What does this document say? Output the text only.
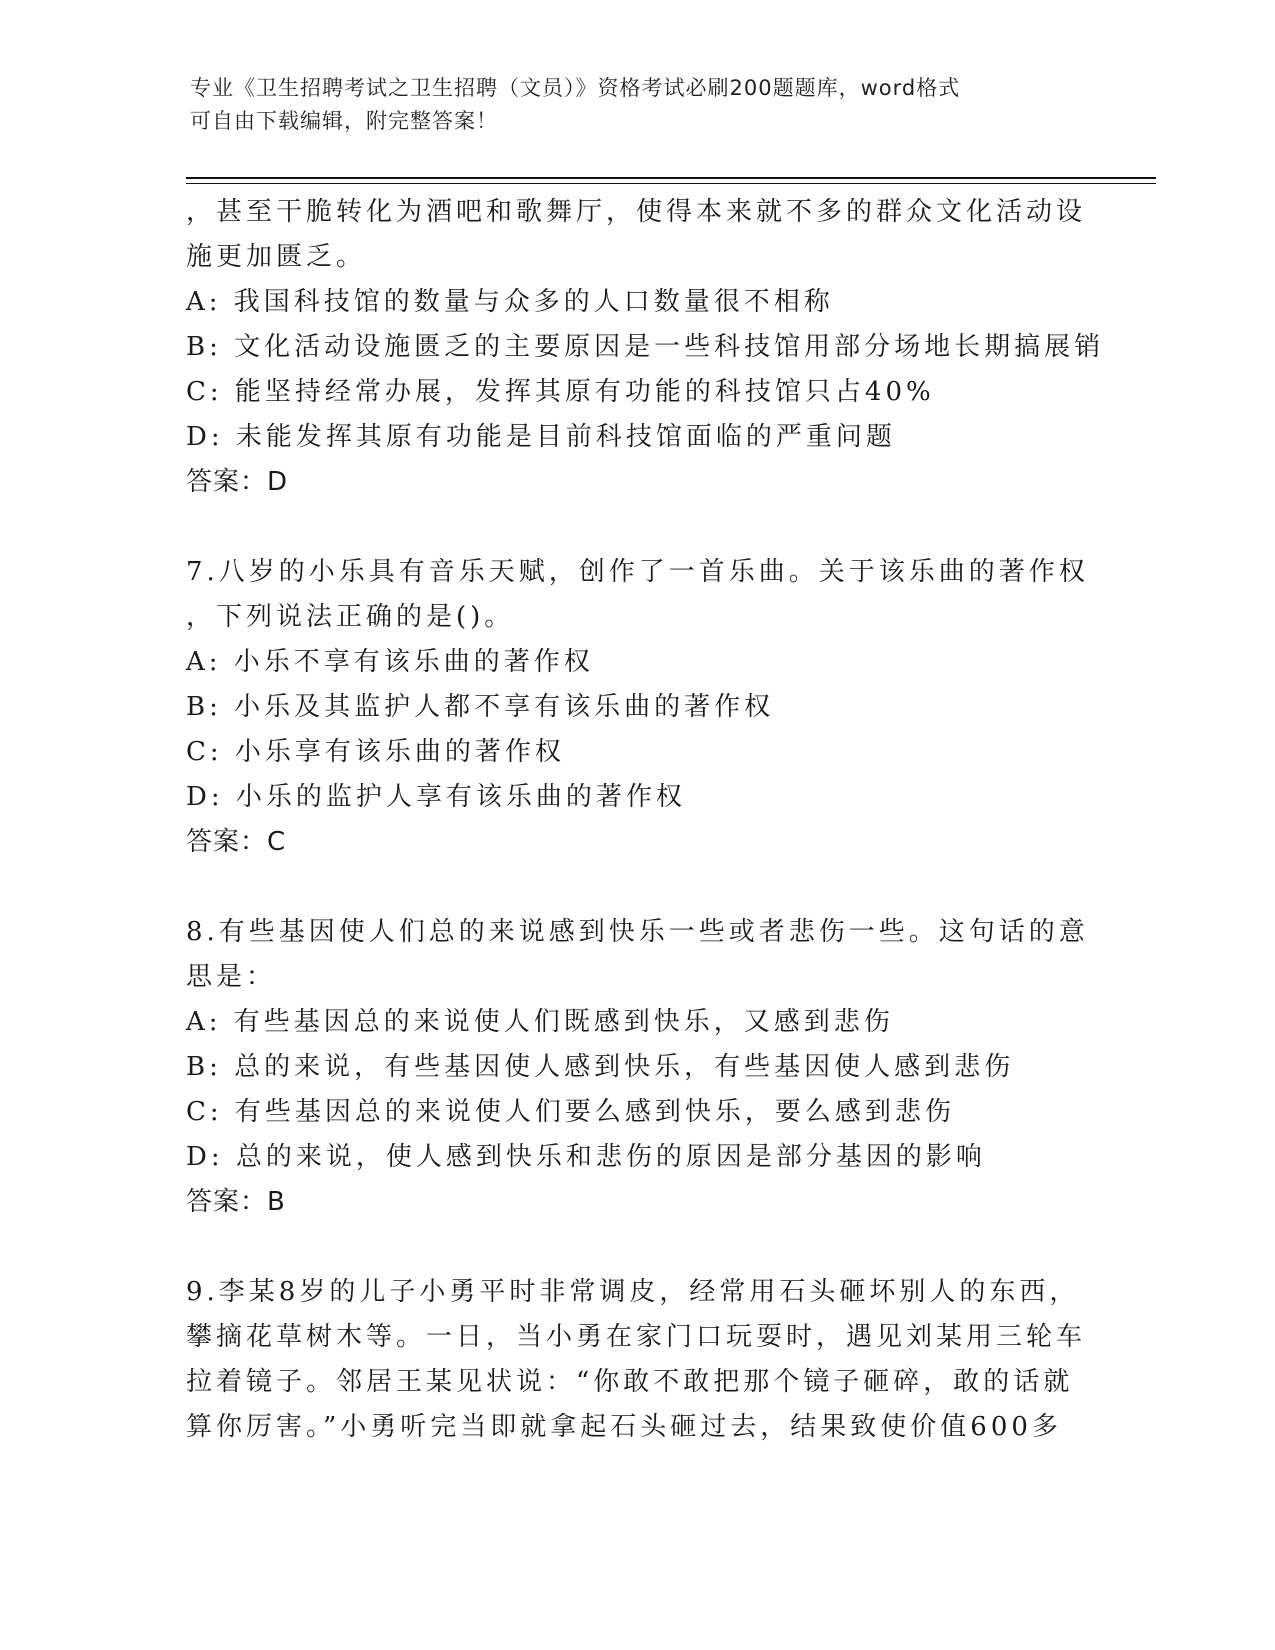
专业《卫生招聘考试之卫生招聘（文员）》资格考试必刷200题题库，word格式
可自由下载编辑，附完整答案！

，甚至干脆转化为酒吧和歌舞厅，使得本来就不多的群众文化活动设

施更加匮乏。

A: 我国科技馆的数量与众多的人口数量很不相称

B: 文化活动设施匮乏的主要原因是一些科技馆用部分场地长期搞展销

C: 能坚持经常办展，发挥其原有功能的科技馆只占40%

D: 未能发挥其原有功能是目前科技馆面临的严重问题

答案：D

7.八岁的小乐具有音乐天赋，创作了一首乐曲。关于该乐曲的著作权

，下列说法正确的是()。

A: 小乐不享有该乐曲的著作权

B: 小乐及其监护人都不享有该乐曲的著作权

C: 小乐享有该乐曲的著作权

D: 小乐的监护人享有该乐曲的著作权

答案：C

8.有些基因使人们总的来说感到快乐一些或者悲伤一些。这句话的意

思是：

A: 有些基因总的来说使人们既感到快乐，又感到悲伤

B: 总的来说，有些基因使人感到快乐，有些基因使人感到悲伤

C: 有些基因总的来说使人们要么感到快乐，要么感到悲伤

D: 总的来说，使人感到快乐和悲伤的原因是部分基因的影响

答案：B

9.李某8岁的儿子小勇平时非常调皮，经常用石头砸坏别人的东西，

攀摘花草树木等。一日，当小勇在家门口玩耍时，遇见刘某用三轮车

拉着镜子。邻居王某见状说：“你敢不敢把那个镜子砸碎，敢的话就

算你厉害。”小勇听完当即就拿起石头砸过去，结果致使价值600多
